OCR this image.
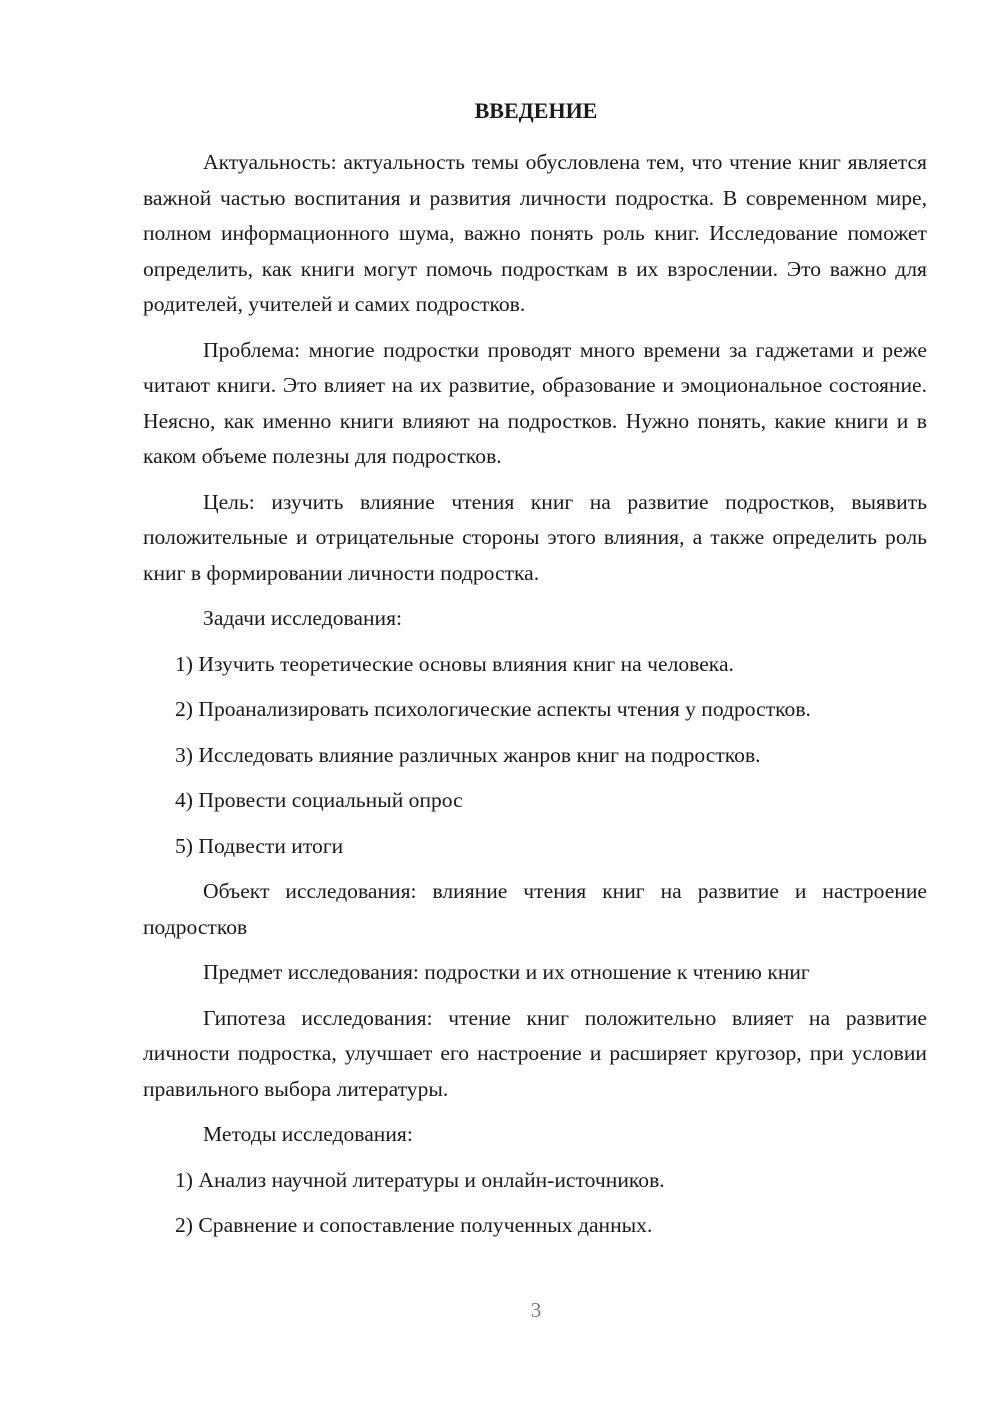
ВВЕДЕНИЕ

Актуальность: актуальность темы обусловлена тем, что чтение книг является важной частью воспитания и развития личности подростка. В современном мире, полном информационного шума, важно понять роль книг. Исследование поможет определить, как книги могут помочь подросткам в их взрослении. Это важно для родителей, учителей и самих подростков.

Проблема: многие подростки проводят много времени за гаджетами и реже читают книги. Это влияет на их развитие, образование и эмоциональное состояние. Неясно, как именно книги влияют на подростков. Нужно понять, какие книги и в каком объеме полезны для подростков.

Цель: изучить влияние чтения книг на развитие подростков, выявить положительные и отрицательные стороны этого влияния, а также определить роль книг в формировании личности подростка.

Задачи исследования:

1) Изучить теоретические основы влияния книг на человека.

2) Проанализировать психологические аспекты чтения у подростков.

3) Исследовать влияние различных жанров книг на подростков.

4) Провести социальный опрос

5) Подвести итоги

Объект исследования: влияние чтения книг на развитие и настроение подростков

Предмет исследования: подростки и их отношение к чтению книг

Гипотеза исследования: чтение книг положительно влияет на развитие личности подростка, улучшает его настроение и расширяет кругозор, при условии правильного выбора литературы.

Методы исследования:

1) Анализ научной литературы и онлайн-источников.

2) Сравнение и сопоставление полученных данных.

3
